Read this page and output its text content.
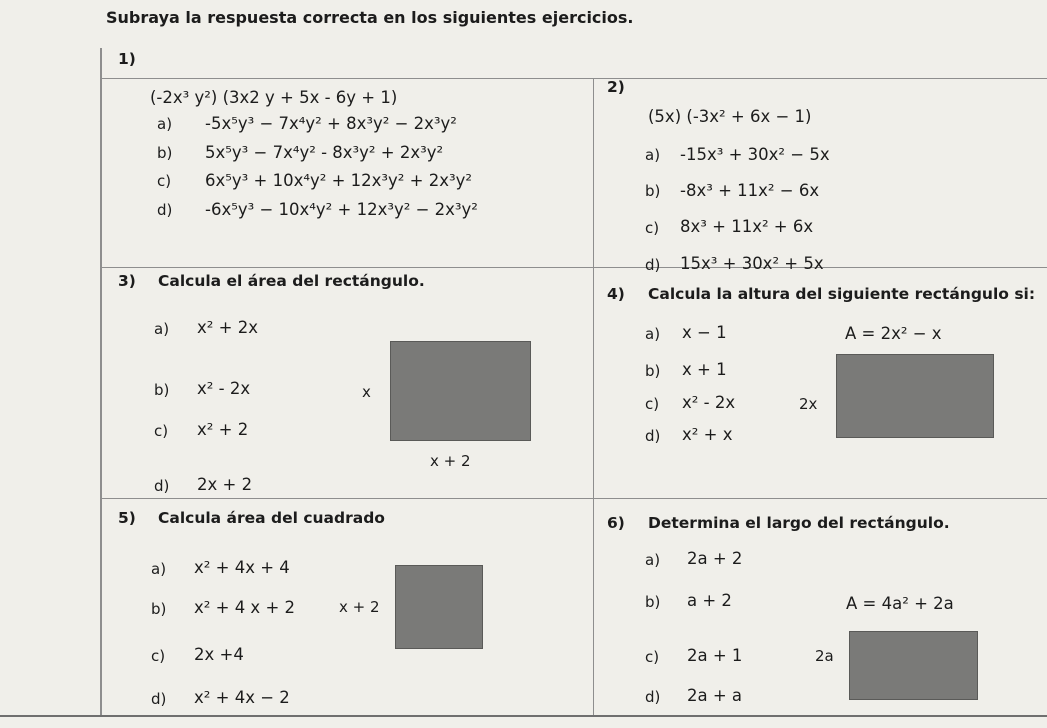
Subraya la respuesta correcta en los siguientes ejercicios.
1)
(-2x³ y²) (3x2 y + 5x - 6y + 1)
a) -5x⁵y³ − 7x⁴y² + 8x³y² − 2x³y²
b) 5x⁵y³ − 7x⁴y² - 8x³y² + 2x³y²
c) 6x⁵y³ + 10x⁴y² + 12x³y² + 2x³y²
d) -6x⁵y³ − 10x⁴y² + 12x³y² − 2x³y²
2)
(5x) (-3x² + 6x − 1)
a) -15x³ + 30x² − 5x
b) -8x³ + 11x² − 6x
c) 8x³ + 11x² + 6x
d) 15x³ + 30x² + 5x
3) Calcula el área del rectángulo.
a) x² + 2x
b) x² - 2x
c) x² + 2
d) 2x + 2
x
x + 2
4) Calcula la altura del siguiente rectángulo si:
a) x − 1
b) x + 1
c) x² - 2x
d) x² + x
A = 2x² − x
2x
5) Calcula área del cuadrado
a) x² + 4x + 4
b) x² + 4 x + 2
c) 2x +4
d) x² + 4x − 2
x + 2
6) Determina el largo del rectángulo.
a) 2a + 2
b) a + 2
c) 2a + 1
d) 2a + a
A = 4a² + 2a
2a
